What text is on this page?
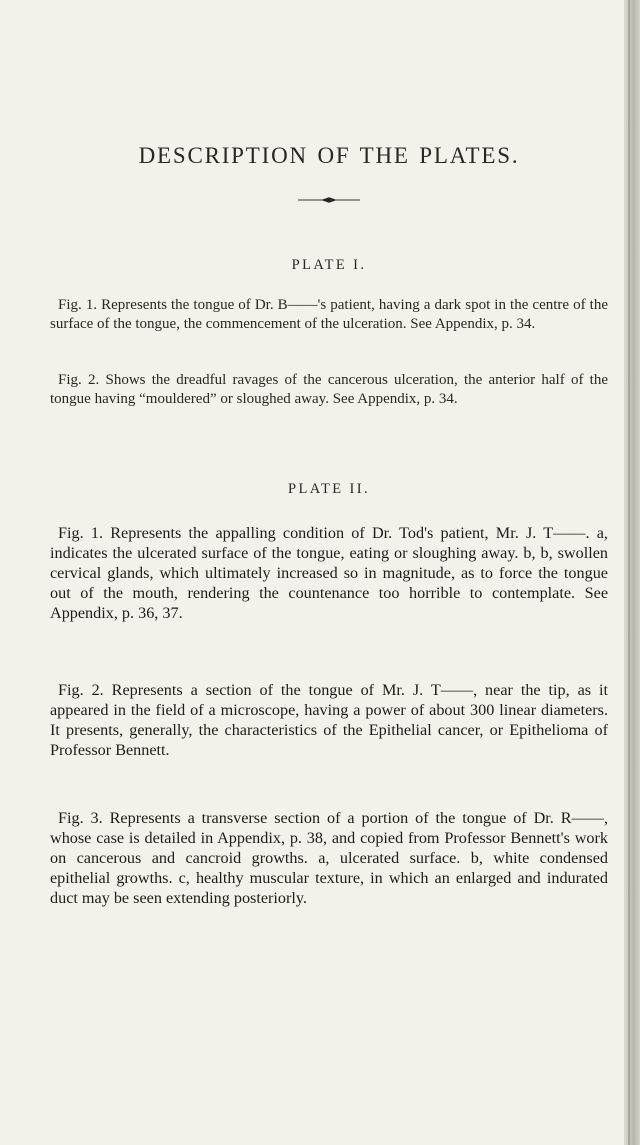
DESCRIPTION OF THE PLATES.
PLATE I.

Fig. 1. Represents the tongue of Dr. B——'s patient, having a dark spot in the centre of the surface of the tongue, the commencement of the ulceration. See Appendix, p. 34.

Fig. 2. Shows the dreadful ravages of the cancerous ulceration, the anterior half of the tongue having “mouldered” or sloughed away. See Appendix, p. 34.

PLATE II.

Fig. 1. Represents the appalling condition of Dr. Tod's patient, Mr. J. T——. a, indicates the ulcerated surface of the tongue, eating or sloughing away. b, b, swollen cervical glands, which ultimately increased so in magnitude, as to force the tongue out of the mouth, rendering the countenance too horrible to contemplate. See Appendix, p. 36, 37.

Fig. 2. Represents a section of the tongue of Mr. J. T——, near the tip, as it appeared in the field of a microscope, having a power of about 300 linear diameters. It presents, generally, the characteristics of the Epithelial cancer, or Epithelioma of Professor Bennett.

Fig. 3. Represents a transverse section of a portion of the tongue of Dr. R——, whose case is detailed in Appendix, p. 38, and copied from Professor Bennett's work on cancerous and cancroid growths. a, ulcerated surface. b, white condensed epithelial growths. c, healthy muscular texture, in which an enlarged and indurated duct may be seen extending posteriorly.
